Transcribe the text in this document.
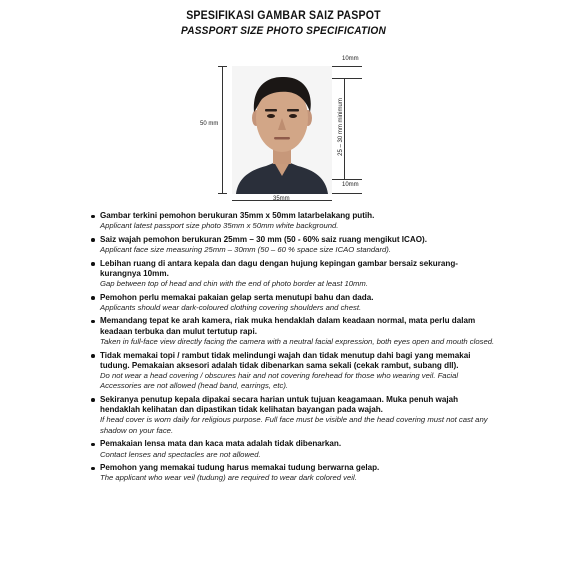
SPESIFIKASI GAMBAR SAIZ PASPOT
PASSPORT SIZE PHOTO SPECIFICATION
50 mm
10mm
25 – 30 mm minimum
10mm
35mm
Gambar terkini pemohon berukuran 35mm x 50mm latarbelakang putih.
Applicant latest passport size photo 35mm x 50mm white background.
Saiz wajah pemohon berukuran 25mm – 30 mm (50 - 60% saiz ruang mengikut ICAO).
Applicant face size measuring 25mm – 30mm (50 – 60 % space size ICAO standard).
Lebihan ruang di antara kepala dan dagu dengan hujung kepingan gambar bersaiz sekurang-kurangnya 10mm.
Gap between top of head and chin with the end of photo border at least 10mm.
Pemohon perlu memakai pakaian gelap serta menutupi bahu dan dada.
Applicants should wear dark-coloured clothing covering shoulders and chest.
Memandang tepat ke arah kamera, riak muka hendaklah dalam keadaan normal, mata perlu dalam keadaan terbuka dan mulut tertutup rapi.
Taken in full-face view directly facing the camera with a neutral facial expression, both eyes open and mouth closed.
Tidak memakai topi / rambut tidak melindungi wajah dan tidak menutup dahi bagi yang memakai tudung. Pemakaian aksesori adalah tidak dibenarkan sama sekali (cekak rambut, subang dll).
Do not wear a head covering / obscures hair and not covering forehead for those who wearing veil. Facial Accessories are not allowed (head band, earrings, etc).
Sekiranya penutup kepala dipakai secara harian untuk tujuan keagamaan. Muka penuh wajah hendaklah kelihatan dan dipastikan tidak kelihatan bayangan pada wajah.
If head cover is worn daily for religious purpose. Full face must be visible and the head covering must not cast any shadow on your face.
Pemakaian lensa mata dan kaca mata adalah tidak dibenarkan.
Contact lenses and spectacles are not allowed.
Pemohon yang memakai tudung harus memakai tudung berwarna gelap.
The applicant who wear veil (tudung) are required to wear dark colored veil.
